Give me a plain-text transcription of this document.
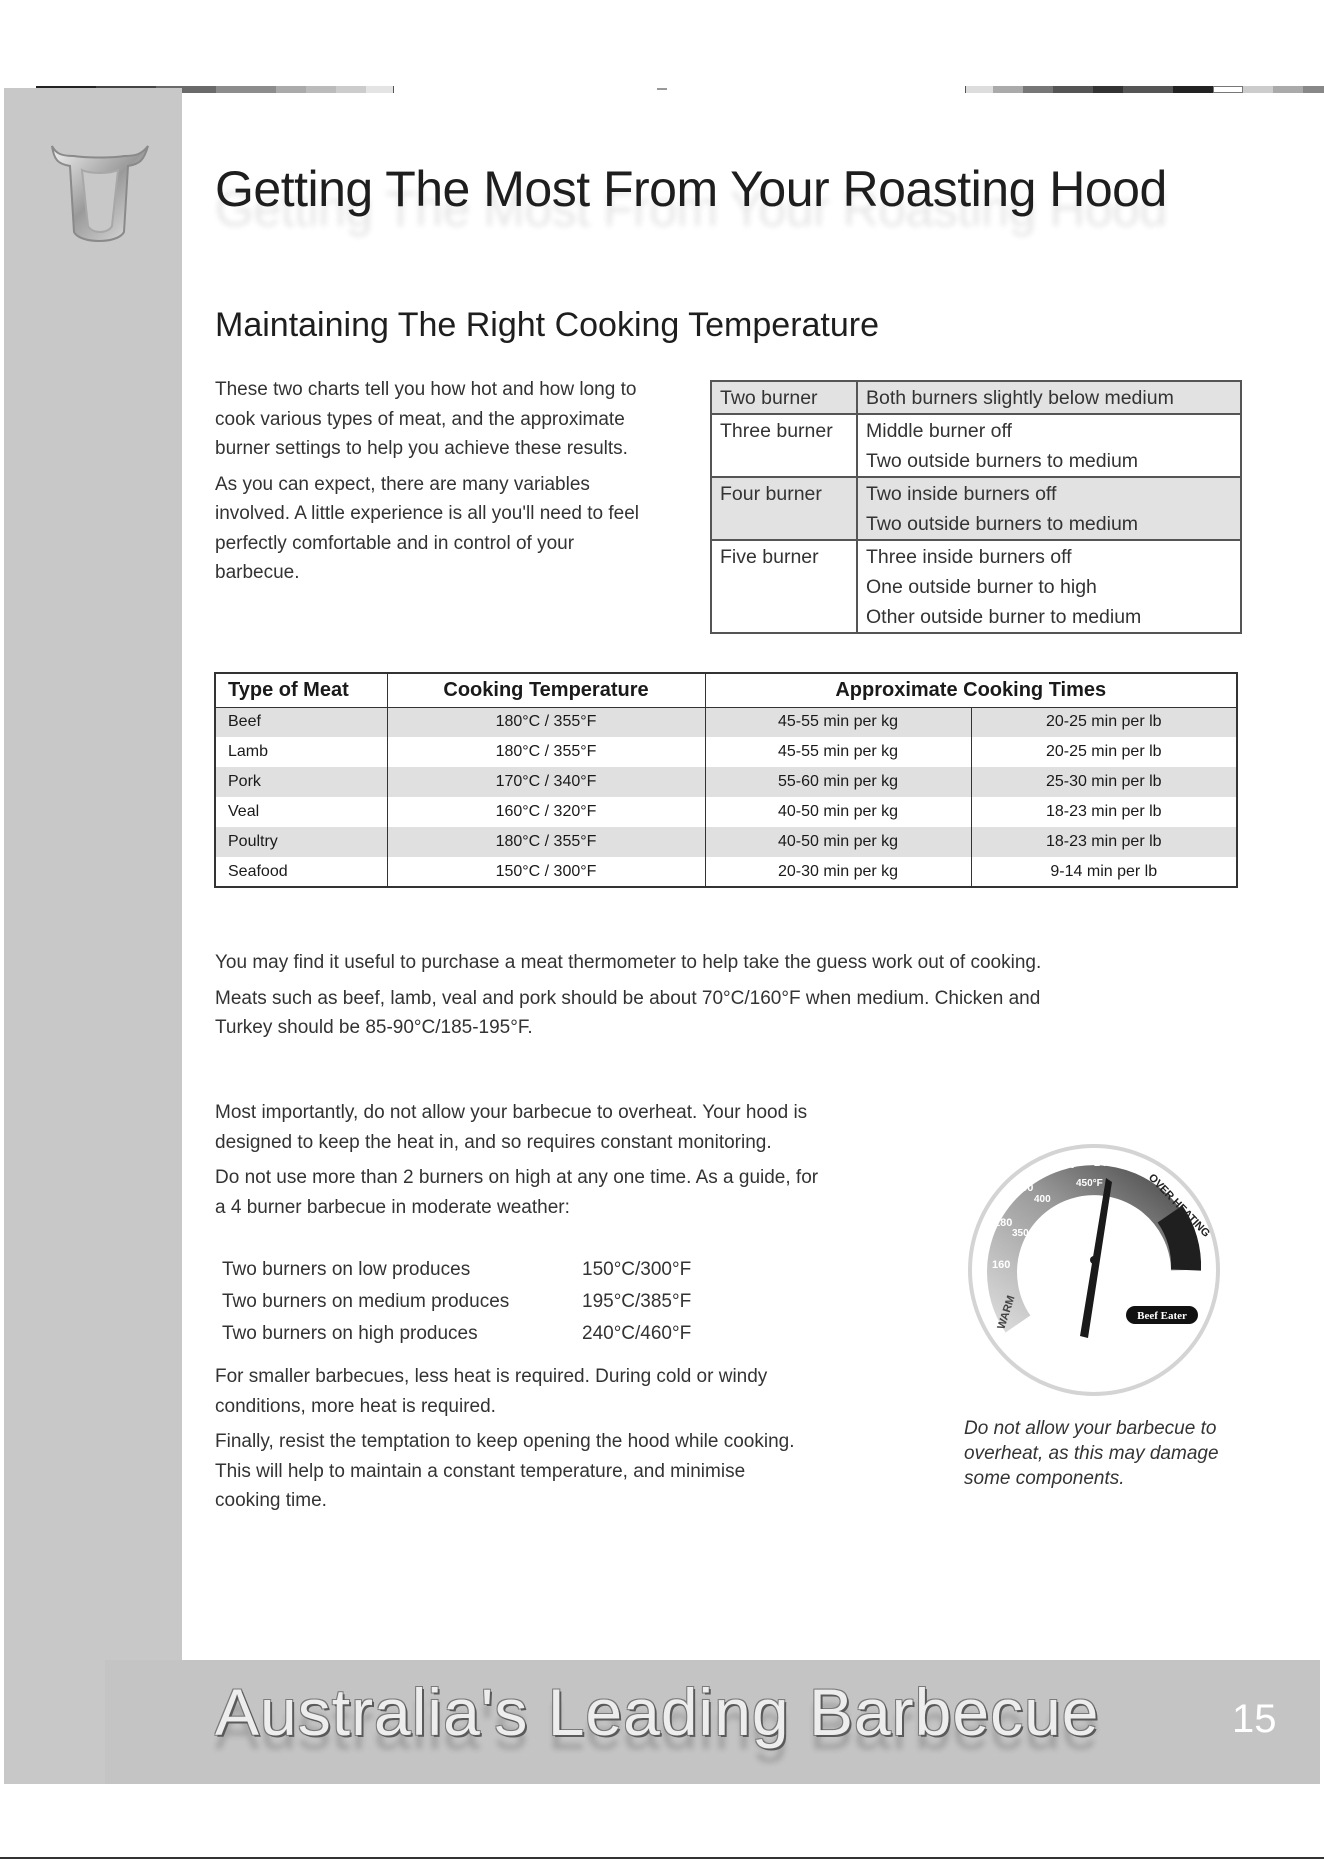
Getting The Most From Your Roasting Hood
Maintaining The Right Cooking Temperature

These two charts tell you how hot and how long to cook various types of meat, and the approximate burner settings to help you achieve these results.

As you can expect, there are many variables involved. A little experience is all you'll need to feel perfectly comfortable and in control of your barbecue.

Two burner	Both burners slightly below medium

Three burner	Middle burner off
Two outside burners to medium

Four burner	Two inside burners off
Two outside burners to medium

Five burner	Three inside burners off
One outside burner to high
Other outside burner to medium
Type of Meat	Cooking Temperature	Approximate Cooking Times	
Beef	180°C / 355°F	45-55 min per kg	20-25 min per lb
Lamb	180°C / 355°F	45-55 min per kg	20-25 min per lb
Pork	170°C / 340°F	55-60 min per kg	25-30 min per lb
Veal	160°C / 320°F	40-50 min per kg	18-23 min per lb
Poultry	180°C / 355°F	40-50 min per kg	18-23 min per lb
Seafood	150°C / 300°F	20-30 min per kg	9-14 min per lb

You may find it useful to purchase a meat thermometer to help take the guess work out of cooking.

Meats such as beef, lamb, veal and pork should be about 70°C/160°F when medium. Chicken and Turkey should be 85-90°C/185-195°F.

Most importantly, do not allow your barbecue to overheat. Your hood is designed to keep the heat in, and so requires constant monitoring.

Do not use more than 2 burners on high at any one time. As a guide, for a 4 burner barbecue in moderate weather:

Two burners on low produces	150°C/300°F
Two burners on medium produces	195°C/385°F
Two burners on high produces	240°C/460°F

For smaller barbecues, less heat is required. During cold or windy conditions, more heat is required.

Finally, resist the temptation to keep opening the hood while cooking. This will help to maintain a constant temperature, and minimise cooking time.

160
180
200
220 240°C
350
400
450°F
WARM
OVER HEATING
Beef Eater
Do not allow your barbecue to overheat, as this may damage some components.
Australia's Leading Barbecue	15
